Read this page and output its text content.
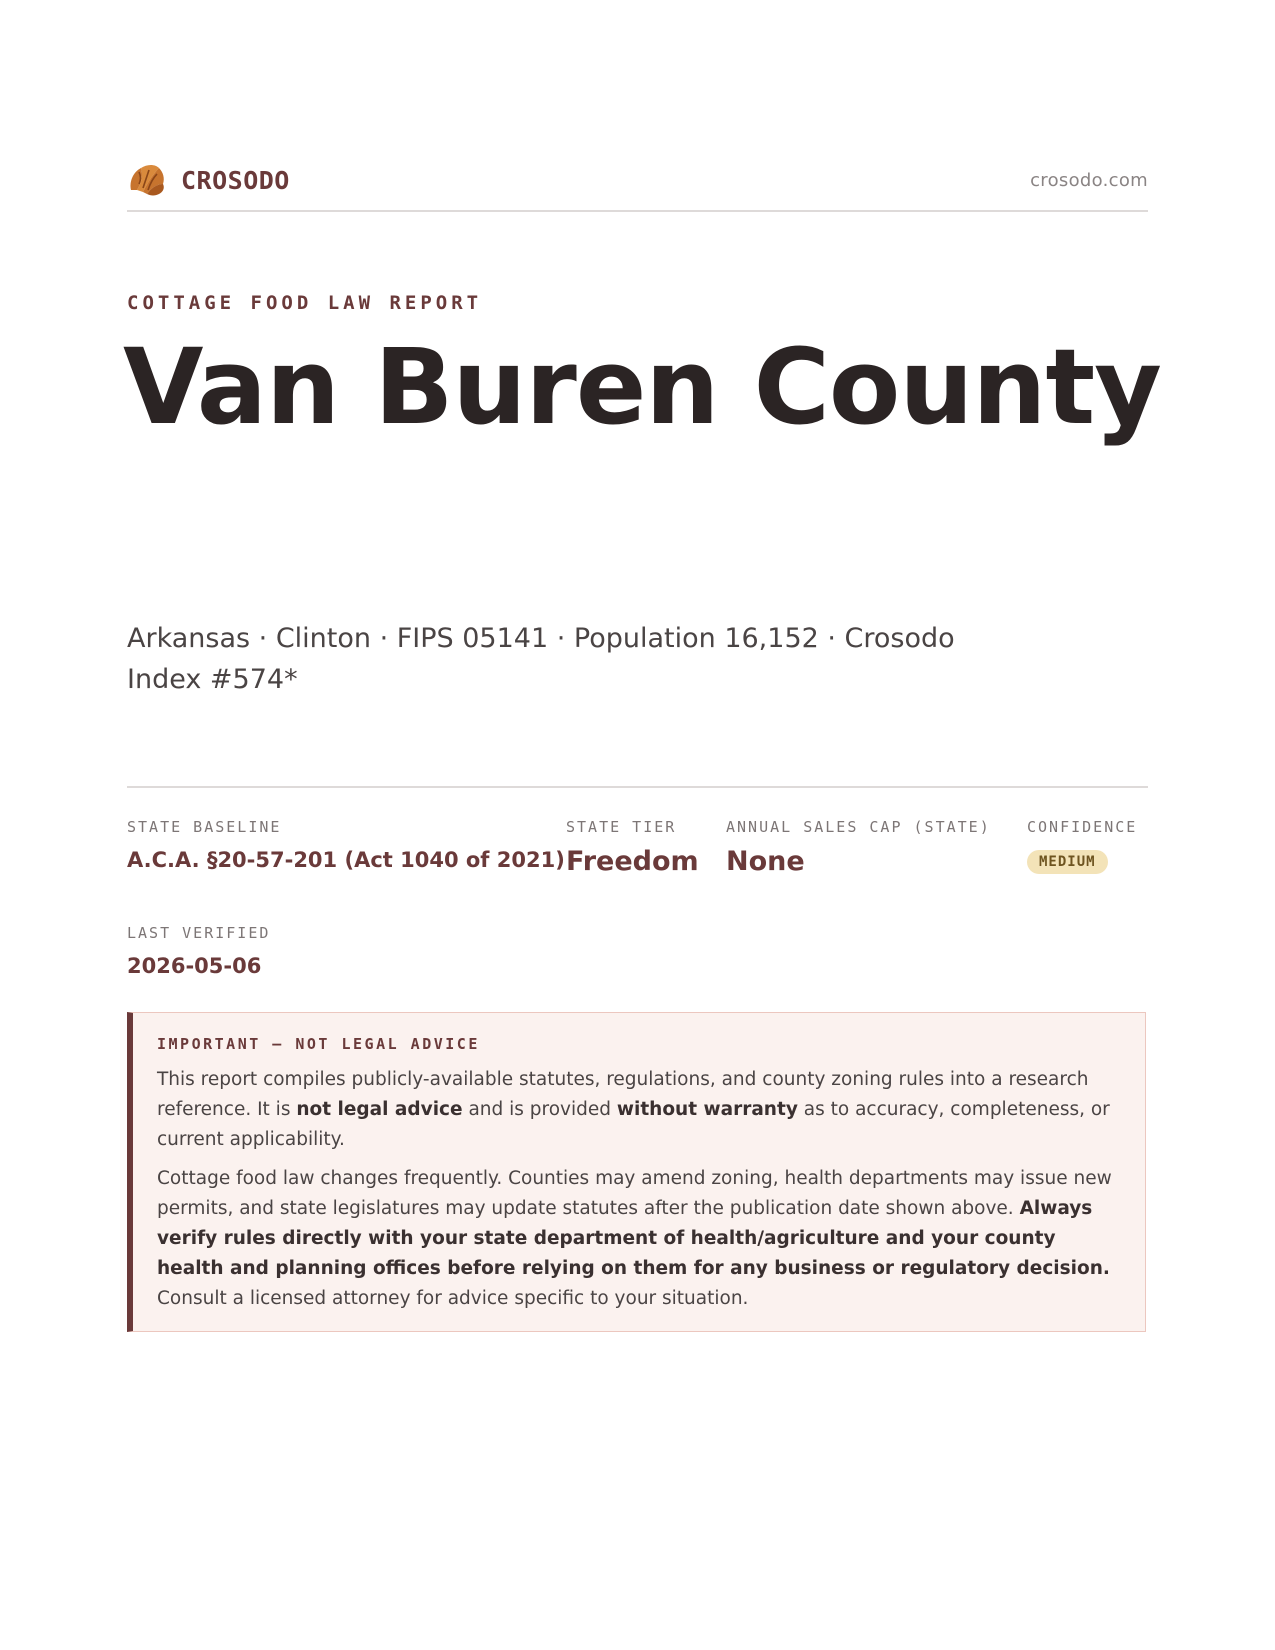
CROSODO	crosodo.com
COTTAGE FOOD LAW REPORT
Van Buren County
Arkansas · Clinton · FIPS 05141 · Population 16,152 · Crosodo Index #574*
STATE BASELINE
A.C.A. §20-57-201 (Act 1040 of 2021)
STATE TIER
Freedom
ANNUAL SALES CAP (STATE)
None
CONFIDENCE
MEDIUM
LAST VERIFIED
2026-05-06
IMPORTANT — NOT LEGAL ADVICE

This report compiles publicly-available statutes, regulations, and county zoning rules into a research reference. It is not legal advice and is provided without warranty as to accuracy, completeness, or current applicability.

Cottage food law changes frequently. Counties may amend zoning, health departments may issue new permits, and state legislatures may update statutes after the publication date shown above. Always verify rules directly with your state department of health/agriculture and your county health and planning offices before relying on them for any business or regulatory decision. Consult a licensed attorney for advice specific to your situation.
